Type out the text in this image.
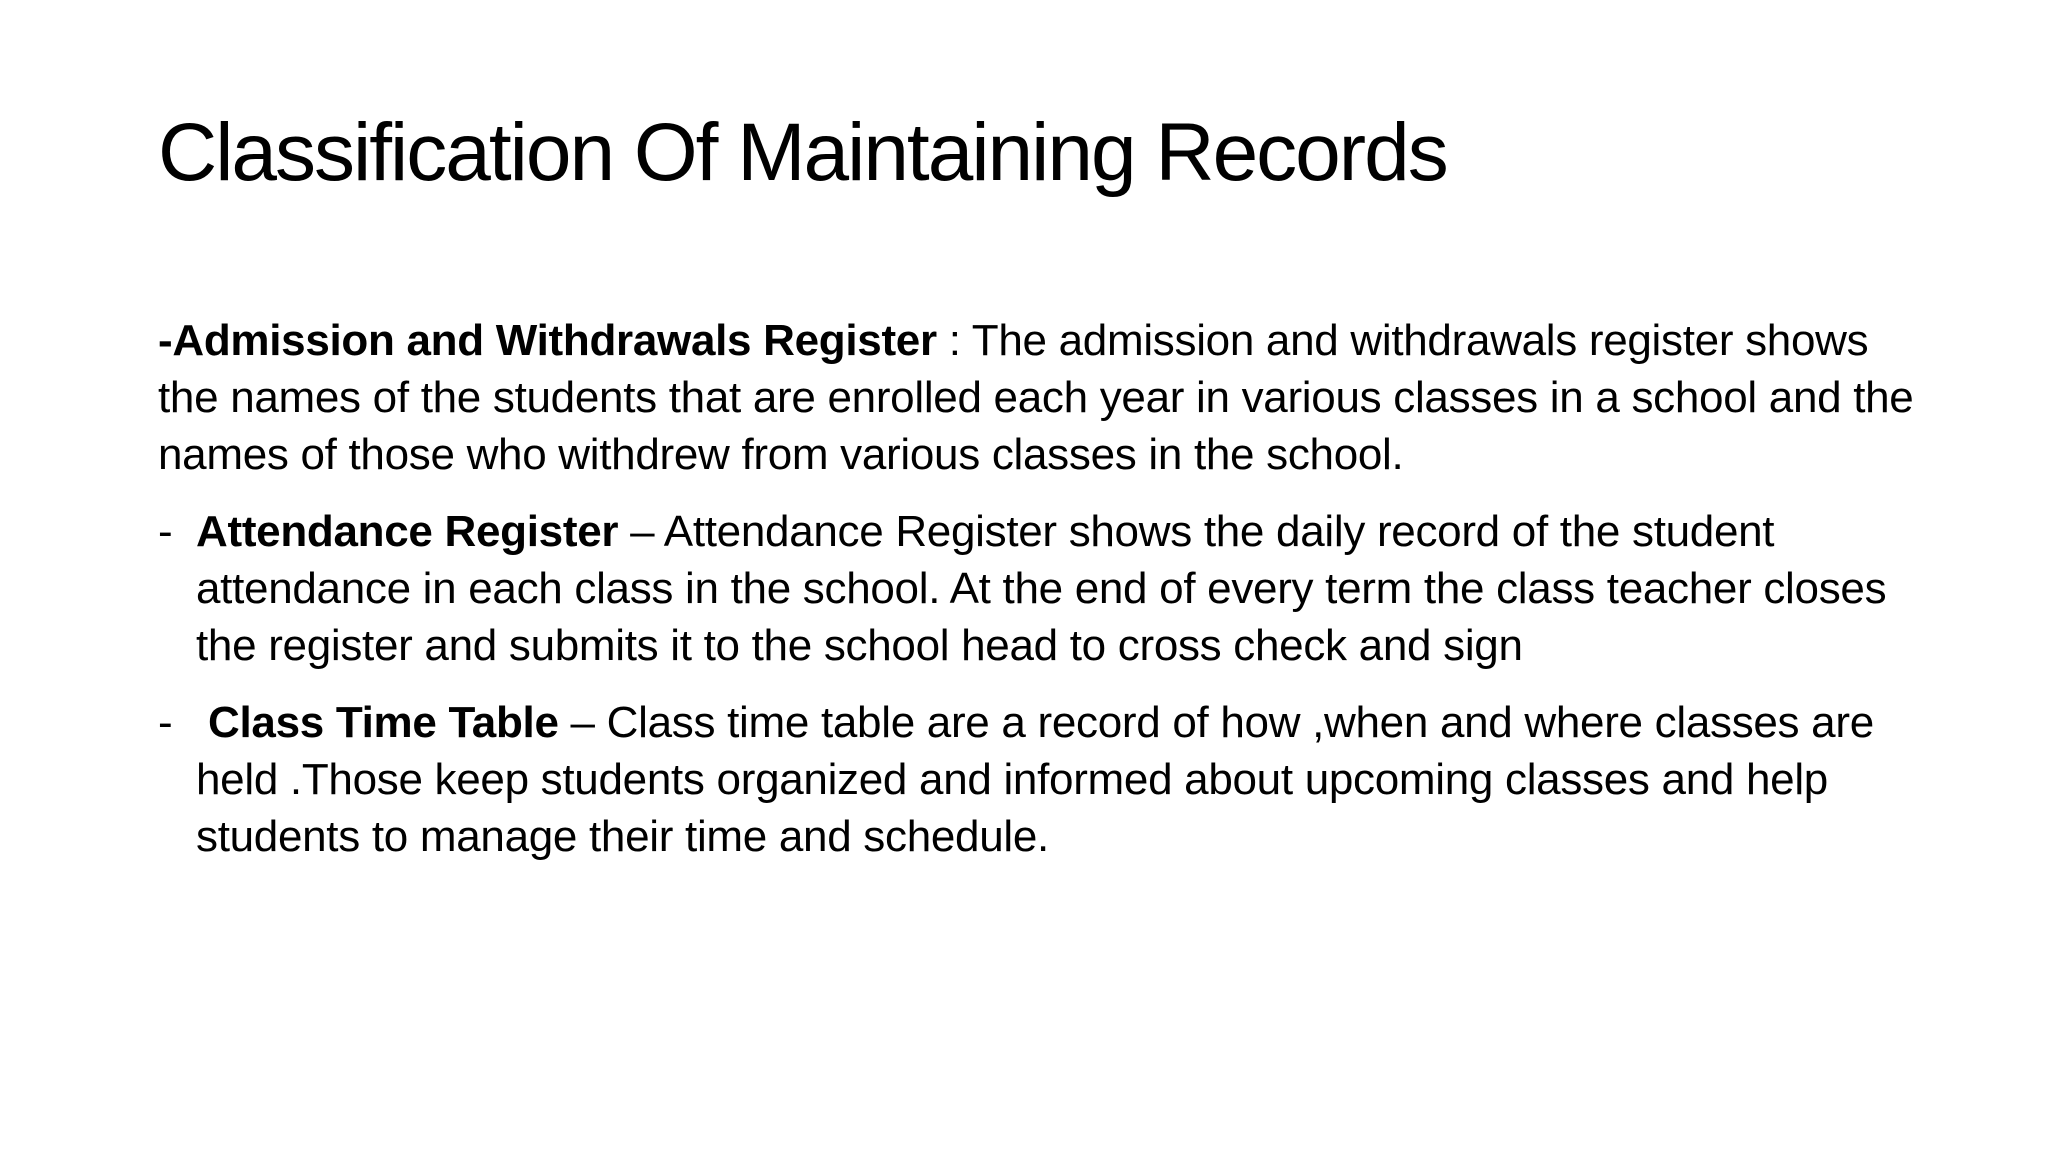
Classification Of Maintaining Records

-Admission and Withdrawals Register : The admission and withdrawals register shows the names of the students that are enrolled each year in various classes in a school and the names of those who withdrew from various classes in the school.

- Attendance Register – Attendance Register shows the daily record of the student attendance in each class in the school. At the end of every term the class teacher closes the register and submits it to the school head to cross check and sign
- Class Time Table – Class time table are a record of how ,when and where classes are held .Those keep students organized and informed about upcoming classes and help students to manage their time and schedule.
